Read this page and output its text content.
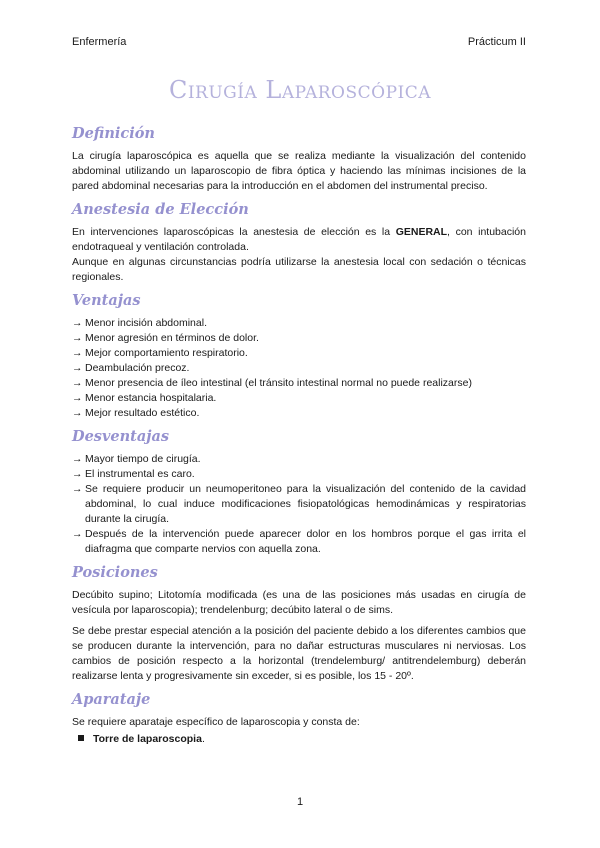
Enfermería	Prácticum II
Cirugía Laparoscópica
Definición

La cirugía laparoscópica es aquella que se realiza mediante la visualización del contenido abdominal utilizando un laparoscopio de fibra óptica y haciendo las mínimas incisiones de la pared abdominal necesarias para la introducción en el abdomen del instrumental preciso.

Anestesia de Elección

En intervenciones laparoscópicas la anestesia de elección es la GENERAL, con intubación endotraqueal y ventilación controlada.

Aunque en algunas circunstancias podría utilizarse la anestesia local con sedación o técnicas regionales.

Ventajas
→ Menor incisión abdominal.
→ Menor agresión en términos de dolor.
→ Mejor comportamiento respiratorio.
→ Deambulación precoz.
→ Menor presencia de íleo intestinal (el tránsito intestinal normal no puede realizarse)
→ Menor estancia hospitalaria.
→ Mejor resultado estético.
Desventajas
→ Mayor tiempo de cirugía.
→ El instrumental es caro.
→ Se requiere producir un neumoperitoneo para la visualización del contenido de la cavidad abdominal, lo cual induce modificaciones fisiopatológicas hemodinámicas y respiratorias durante la cirugía.
→ Después de la intervención puede aparecer dolor en los hombros porque el gas irrita el diafragma que comparte nervios con aquella zona.
Posiciones

Decúbito supino; Litotomía modificada (es una de las posiciones más usadas en cirugía de vesícula por laparoscopia); trendelenburg; decúbito lateral o de sims.

Se debe prestar especial atención a la posición del paciente debido a los diferentes cambios que se producen durante la intervención, para no dañar estructuras musculares ni nerviosas. Los cambios de posición respecto a la horizontal (trendelemburg/ antitrendelemburg) deberán realizarse lenta y progresivamente sin exceder, si es posible, los 15 - 20º.

Aparataje

Se requiere aparataje específico de laparoscopia y consta de:

Torre de laparoscopia.
1
